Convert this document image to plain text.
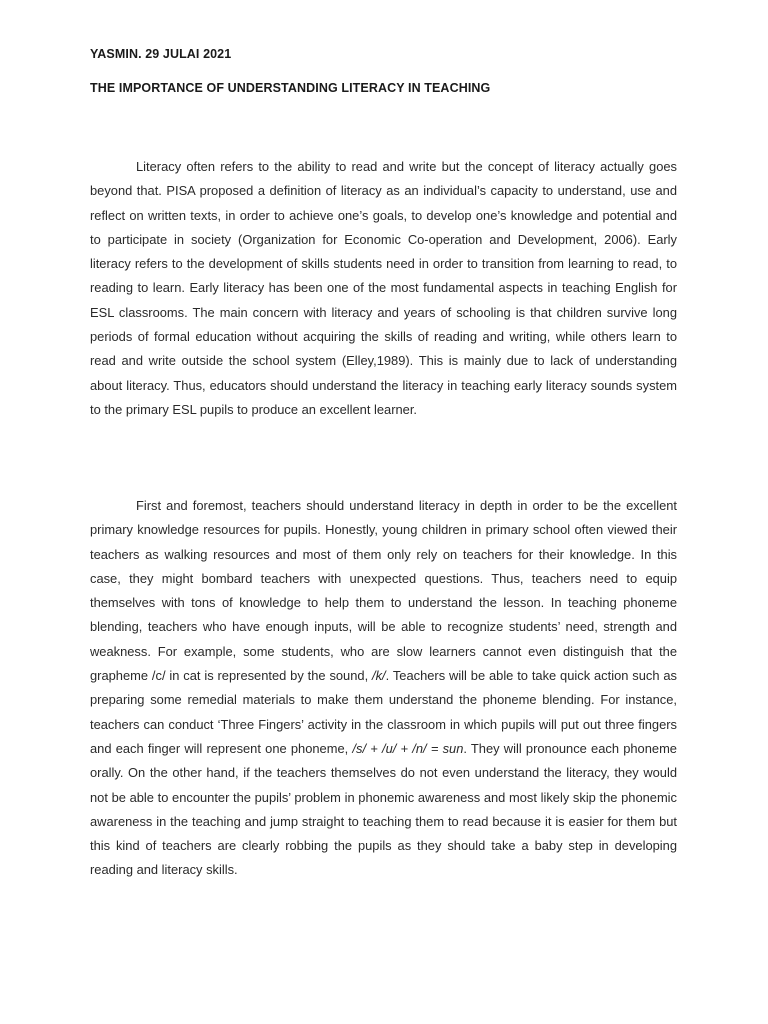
YASMIN. 29 JULAI 2021
THE IMPORTANCE OF UNDERSTANDING LITERACY IN TEACHING

Literacy often refers to the ability to read and write but the concept of literacy actually goes beyond that. PISA proposed a definition of literacy as an individual’s capacity to understand, use and reflect on written texts, in order to achieve one’s goals, to develop one’s knowledge and potential and to participate in society (Organization for Economic Co-operation and Development, 2006). Early literacy refers to the development of skills students need in order to transition from learning to read, to reading to learn. Early literacy has been one of the most fundamental aspects in teaching English for ESL classrooms. The main concern with literacy and years of schooling is that children survive long periods of formal education without acquiring the skills of reading and writing, while others learn to read and write outside the school system (Elley,1989). This is mainly due to lack of understanding about literacy. Thus, educators should understand the literacy in teaching early literacy sounds system to the primary ESL pupils to produce an excellent learner.

First and foremost, teachers should understand literacy in depth in order to be the excellent primary knowledge resources for pupils. Honestly, young children in primary school often viewed their teachers as walking resources and most of them only rely on teachers for their knowledge. In this case, they might bombard teachers with unexpected questions. Thus, teachers need to equip themselves with tons of knowledge to help them to understand the lesson. In teaching phoneme blending, teachers who have enough inputs, will be able to recognize students’ need, strength and weakness. For example, some students, who are slow learners cannot even distinguish that the grapheme /c/ in cat is represented by the sound, /k/. Teachers will be able to take quick action such as preparing some remedial materials to make them understand the phoneme blending. For instance, teachers can conduct ‘Three Fingers’ activity in the classroom in which pupils will put out three fingers and each finger will represent one phoneme, /s/ + /u/ + /n/ = sun. They will pronounce each phoneme orally. On the other hand, if the teachers themselves do not even understand the literacy, they would not be able to encounter the pupils’ problem in phonemic awareness and most likely skip the phonemic awareness in the teaching and jump straight to teaching them to read because it is easier for them but this kind of teachers are clearly robbing the pupils as they should take a baby step in developing reading and literacy skills.
